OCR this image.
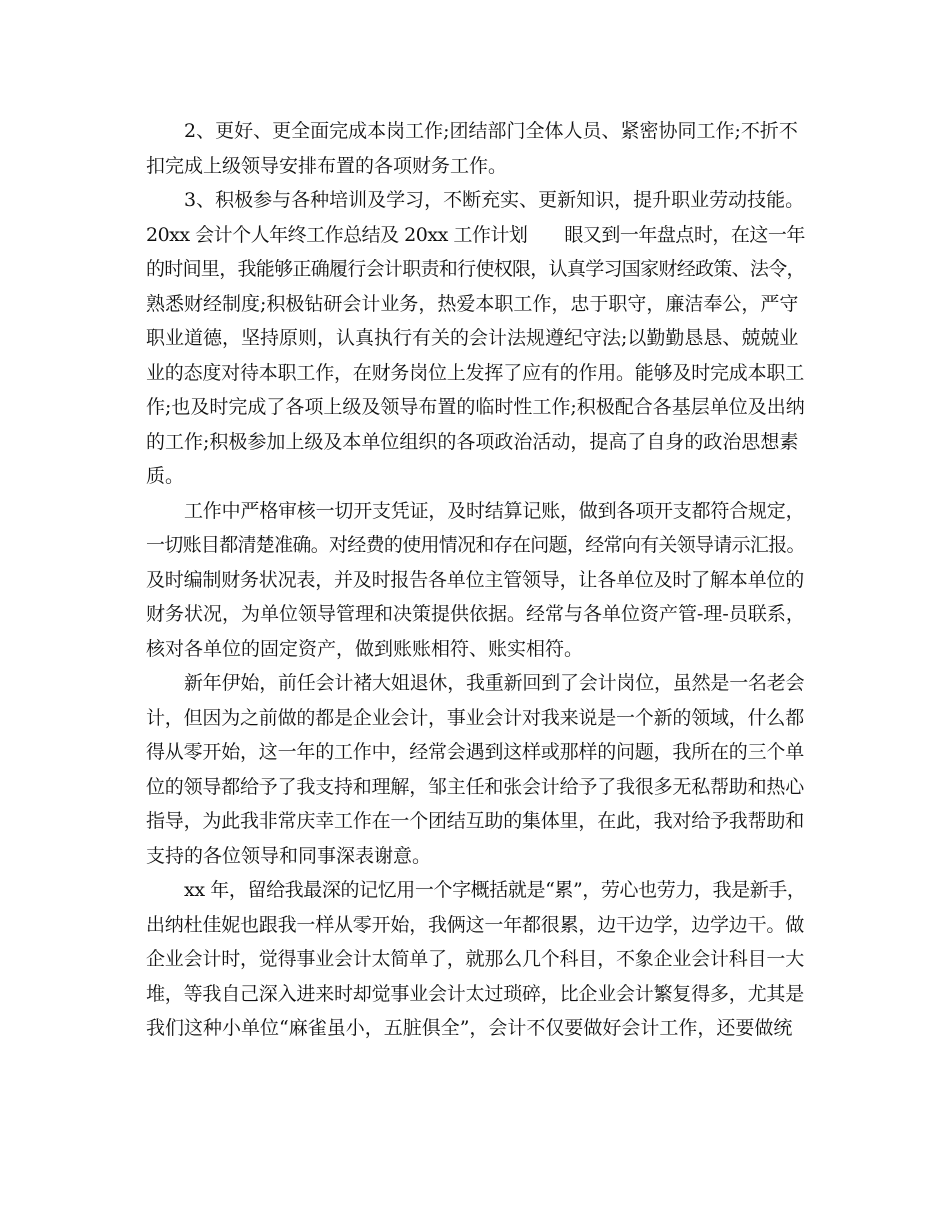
2、更好、更全面完成本岗工作;团结部门全体人员、紧密协同工作;不折不
扣完成上级领导安排布置的各项财务工作。
3、积极参与各种培训及学习，不断充实、更新知识，提升职业劳动技能。
20xx 会计个人年终工作总结及 20xx 工作计划　　眼又到一年盘点时，在这一年
的时间里，我能够正确履行会计职责和行使权限，认真学习国家财经政策、法令，
熟悉财经制度;积极钻研会计业务，热爱本职工作，忠于职守，廉洁奉公，严守
职业道德，坚持原则，认真执行有关的会计法规遵纪守法;以勤勤恳恳、兢兢业
业的态度对待本职工作，在财务岗位上发挥了应有的作用。能够及时完成本职工
作;也及时完成了各项上级及领导布置的临时性工作;积极配合各基层单位及出纳
的工作;积极参加上级及本单位组织的各项政治活动，提高了自身的政治思想素
质。
工作中严格审核一切开支凭证，及时结算记账，做到各项开支都符合规定，
一切账目都清楚准确。对经费的使用情况和存在问题，经常向有关领导请示汇报。
及时编制财务状况表，并及时报告各单位主管领导，让各单位及时了解本单位的
财务状况，为单位领导管理和决策提供依据。经常与各单位资产管-理-员联系，
核对各单位的固定资产，做到账账相符、账实相符。
新年伊始，前任会计褚大姐退休，我重新回到了会计岗位，虽然是一名老会
计，但因为之前做的都是企业会计，事业会计对我来说是一个新的领域，什么都
得从零开始，这一年的工作中，经常会遇到这样或那样的问题，我所在的三个单
位的领导都给予了我支持和理解，邹主任和张会计给予了我很多无私帮助和热心
指导，为此我非常庆幸工作在一个团结互助的集体里，在此，我对给予我帮助和
支持的各位领导和同事深表谢意。
xx 年，留给我最深的记忆用一个字概括就是“累”，劳心也劳力，我是新手，
出纳杜佳妮也跟我一样从零开始，我俩这一年都很累，边干边学，边学边干。做
企业会计时，觉得事业会计太简单了，就那么几个科目，不象企业会计科目一大
堆，等我自己深入进来时却觉事业会计太过琐碎，比企业会计繁复得多，尤其是
我们这种小单位“麻雀虽小，五脏俱全”，会计不仅要做好会计工作，还要做统
